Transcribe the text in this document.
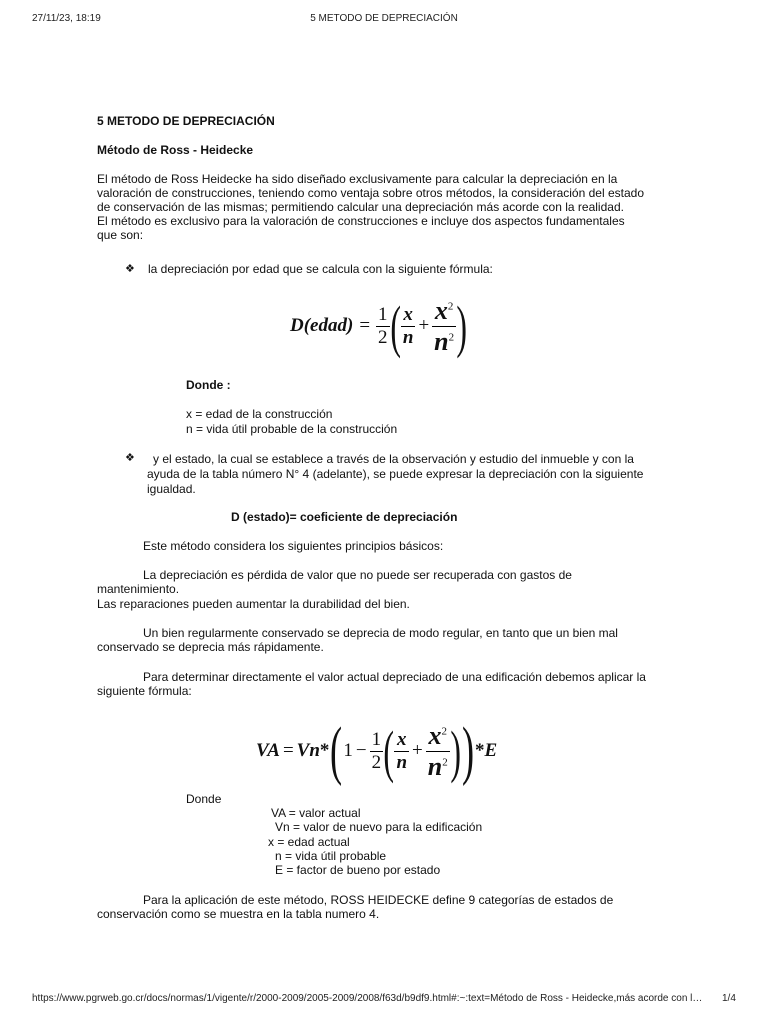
27/11/23, 18:19	5 METODO DE DEPRECIACIÓN
5 METODO DE DEPRECIACIÓN
Método de Ross - Heidecke
El método de Ross Heidecke ha sido diseñado exclusivamente para calcular la depreciación en la
valoración de construcciones, teniendo como ventaja sobre otros métodos, la consideración del estado
de conservación de las mismas; permitiendo calcular una depreciación más acorde con la realidad.
El método es exclusivo para la valoración de construcciones e incluye dos aspectos fundamentales
que son:
❖ la depreciación por edad que se calcula con la siguiente fórmula:
D(edad) = $\frac{1}{2}$ ( $\frac{x}{n} + \frac{x^2}{n^2}$ )
Donde :
x = edad de la construcción
n = vida útil probable de la construcción
❖	y el estado, la cual se establece a través de la observación y estudio del inmueble y con la
ayuda de la tabla número N° 4 (adelante), se puede expresar la depreciación con la siguiente
igualdad.
D (estado)= coeficiente de depreciación
Este método considera los siguientes principios básicos:
La depreciación es pérdida de valor que no puede ser recuperada con gastos de
mantenimiento.
Las reparaciones pueden aumentar la durabilidad del bien.
Un bien regularmente conservado se deprecia de modo regular, en tanto que un bien mal
conservado se deprecia más rápidamente.
Para determinar directamente el valor actual depreciado de una edificación debemos aplicar la
siguiente fórmula:
VA = Vn * ( $1 - \frac{1}{2}$ ( $\frac{x}{n} + \frac{x^2}{n^2}$ ) ) * E
Donde
VA = valor actual
Vn = valor de nuevo para la edificación
x = edad actual
n = vida útil probable
E = factor de bueno por estado
Para la aplicación de este método, ROSS HEIDECKE define 9 categorías de estados de
conservación como se muestra en la tabla numero 4.
https://www.pgrweb.go.cr/docs/normas/1/vigente/r/2000-2009/2005-2009/2008/f63d/b9df9.html#:~:text=Método de Ross - Heidecke,más acorde con l…	1/4
